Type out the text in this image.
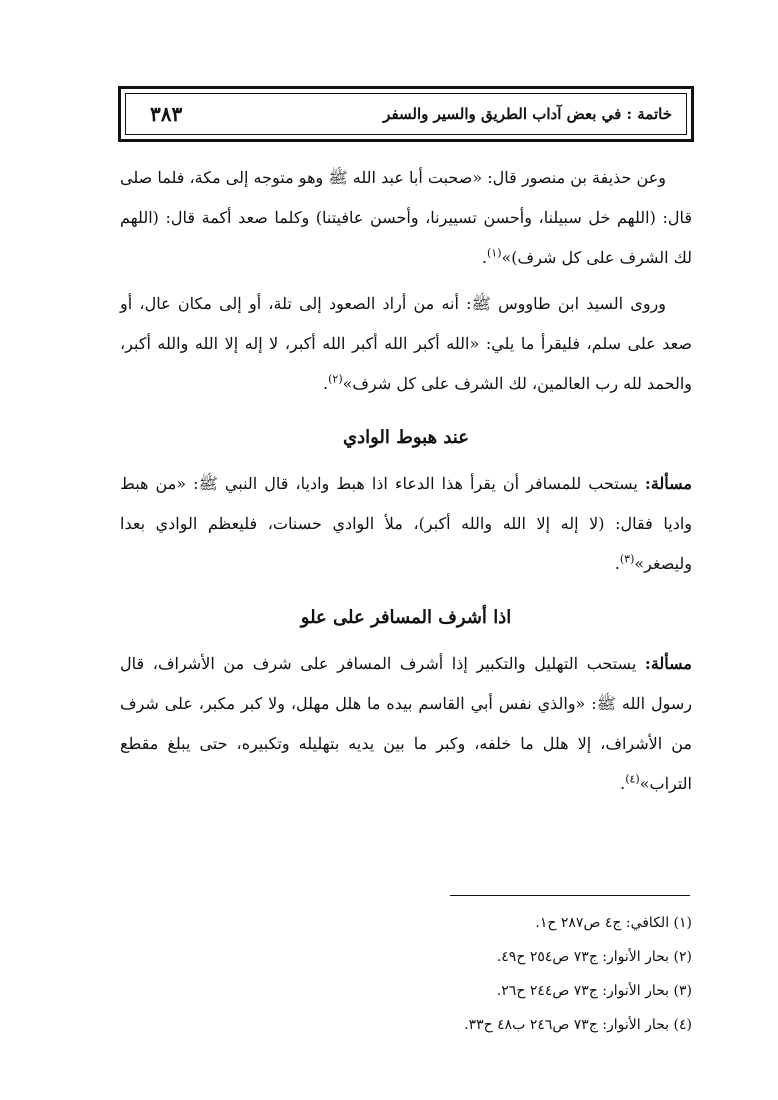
خاتمة : في بعض آداب الطريق والسير والسفر
٣٨٣

وعن حذيفة بن منصور قال: «صحبت أبا عبد الله ﷺ وهو متوجه إلى مكة، فلما صلى قال: (اللهم خل سبيلنا، وأحسن تسييرنا، وأحسن عافيتنا) وكلما صعد أكمة قال: (اللهم لك الشرف على كل شرف)»$^{(١)}$.

وروى السيد ابن طاووس ﷺ: أنه من أراد الصعود إلى تلة، أو إلى مكان عال، أو صعد على سلم، فليقرأ ما يلي: «الله أكبر الله أكبر الله أكبر، لا إله إلا الله والله أكبر، والحمد لله رب العالمين، لك الشرف على كل شرف»$^{(٢)}$.

عند هبوط الوادي

مسألة: يستحب للمسافر أن يقرأ هذا الدعاء اذا هبط واديا، قال النبي ﷺ: «من هبط واديا فقال: (لا إله إلا الله والله أكبر)، ملأ الوادي حسنات، فليعظم الوادي بعدا وليصغر»$^{(٣)}$.

اذا أشرف المسافر على علو

مسألة: يستحب التهليل والتكبير إذا أشرف المسافر على شرف من الأشراف، قال رسول الله ﷺ: «والذي نفس أبي القاسم بيده ما هلل مهلل، ولا كبر مكبر، على شرف من الأشراف، إلا هلل ما خلفه، وكبر ما بين يديه بتهليله وتكبيره، حتى يبلغ مقطع التراب»$^{(٤)}$.

(١) الكافي: ج٤ ص٢٨٧ ح١.

(٢) بحار الأنوار: ج٧٣ ص٢٥٤ ح٤٩.

(٣) بحار الأنوار: ج٧٣ ص٢٤٤ ح٢٦.

(٤) بحار الأنوار: ج٧٣ ص٢٤٦ ب٤٨ ح٣٣.
